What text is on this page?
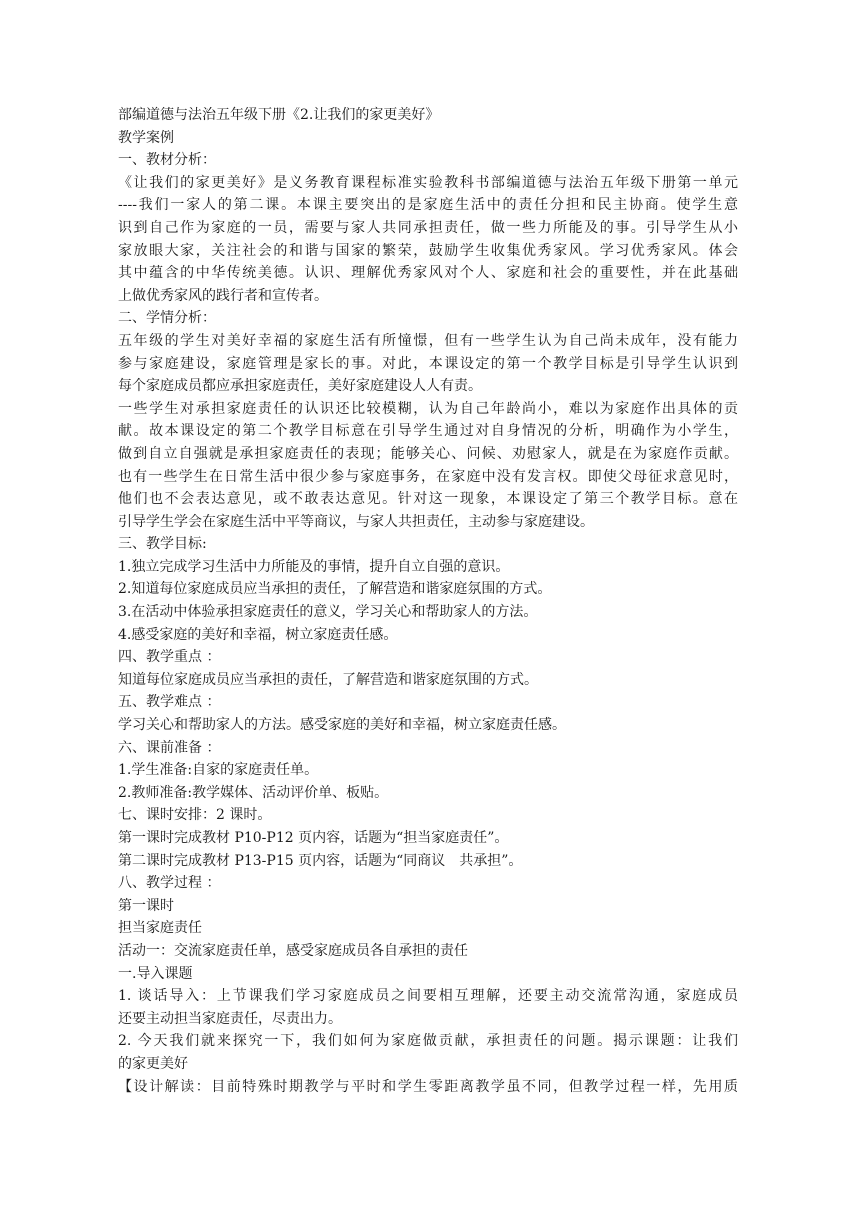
部编道德与法治五年级下册《2.让我们的家更美好》

教学案例

一、教材分析：

《让我们的家更美好》是义务教育课程标准实验教科书部编道德与法治五年级下册第一单元

----我们一家人的第二课。本课主要突出的是家庭生活中的责任分担和民主协商。使学生意

识到自己作为家庭的一员，需要与家人共同承担责任，做一些力所能及的事。引导学生从小

家放眼大家，关注社会的和谐与国家的繁荣，鼓励学生收集优秀家风。学习优秀家风。体会

其中蕴含的中华传统美德。认识、理解优秀家风对个人、家庭和社会的重要性，并在此基础

上做优秀家风的践行者和宣传者。

二、学情分析：

五年级的学生对美好幸福的家庭生活有所憧憬，但有一些学生认为自己尚未成年，没有能力

参与家庭建设，家庭管理是家长的事。对此，本课设定的第一个教学目标是引导学生认识到

每个家庭成员都应承担家庭责任，美好家庭建设人人有责。

一些学生对承担家庭责任的认识还比较模糊，认为自己年龄尚小，难以为家庭作出具体的贡

献。故本课设定的第二个教学目标意在引导学生通过对自身情况的分析，明确作为小学生，

做到自立自强就是承担家庭责任的表现；能够关心、问候、劝慰家人，就是在为家庭作贡献。

也有一些学生在日常生活中很少参与家庭事务，在家庭中没有发言权。即使父母征求意见时，

他们也不会表达意见，或不敢表达意见。针对这一现象，本课设定了第三个教学目标。意在

引导学生学会在家庭生活中平等商议，与家人共担责任，主动参与家庭建设。

三、教学目标:

1.独立完成学习生活中力所能及的事情，提升自立自强的意识。

2.知道每位家庭成员应当承担的责任，了解营造和谐家庭氛围的方式。

3.在活动中体验承担家庭责任的意义，学习关心和帮助家人的方法。

4.感受家庭的美好和幸福，树立家庭责任感。

四、教学重点 ：

知道每位家庭成员应当承担的责任，了解营造和谐家庭氛围的方式。

五、教学难点 ：

学习关心和帮助家人的方法。感受家庭的美好和幸福，树立家庭责任感。

六、课前准备 ：

1.学生准备:自家的家庭责任单。

2.教师准备:教学媒体、活动评价单、板贴。

七、课时安排：2 课时。

第一课时完成教材 P10-P12 页内容，话题为“担当家庭责任”。

第二课时完成教材 P13-P15 页内容，话题为“同商议　共承担”。

八、教学过程 ：

第一课时

担当家庭责任

活动一：交流家庭责任单，感受家庭成员各自承担的责任

一.导入课题

1. 谈话导入：上节课我们学习家庭成员之间要相互理解，还要主动交流常沟通，家庭成员

还要主动担当家庭责任，尽责出力。

2. 今天我们就来探究一下，我们如何为家庭做贡献，承担责任的问题。揭示课题：让我们

的家更美好

【设计解读：目前特殊时期教学与平时和学生零距离教学虽不同，但教学过程一样，先用质
